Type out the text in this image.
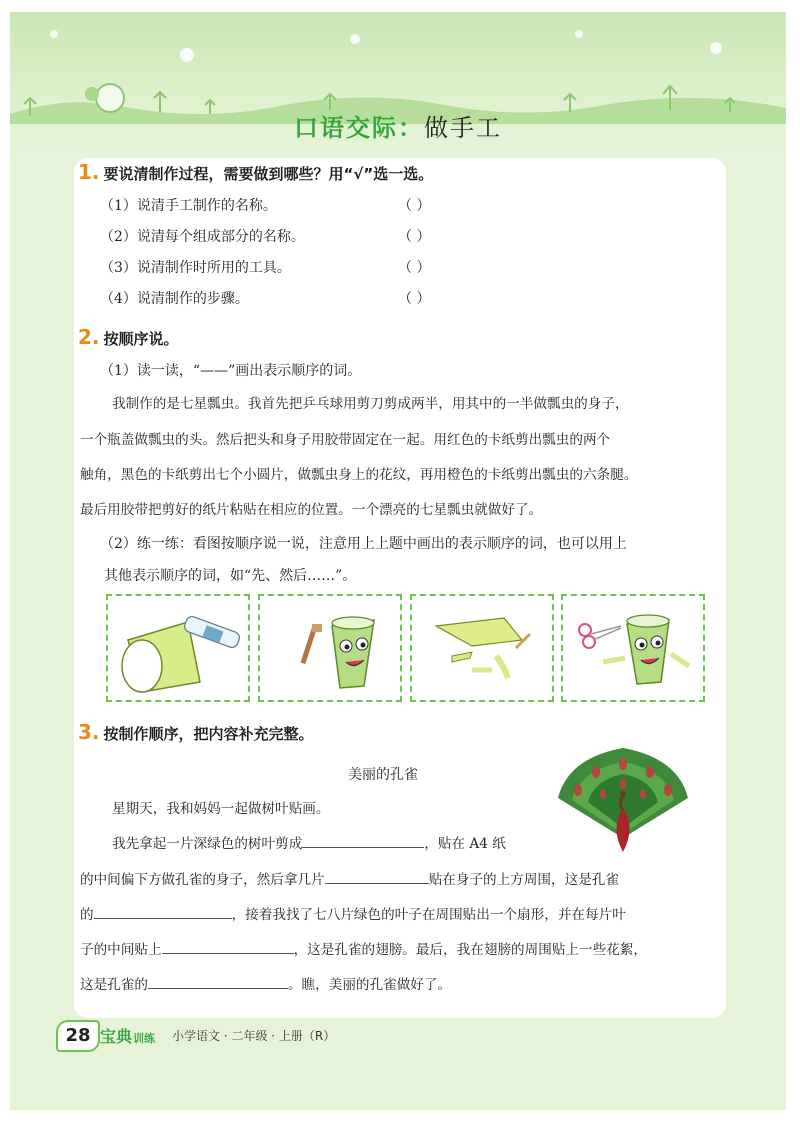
口语交际：做手工
1. 要说清制作过程，需要做到哪些？用“√”选一选。
（1）说清手工制作的名称。	（ ）
（2）说清每个组成部分的名称。	（ ）
（3）说清制作时所用的工具。	（ ）
（4）说清制作的步骤。	（ ）
2. 按顺序说。
（1）读一读，“——”画出表示顺序的词。
我制作的是七星瓢虫。我首先把乒乓球用剪刀剪成两半，用其中的一半做瓢虫的身子，
一个瓶盖做瓢虫的头。然后把头和身子用胶带固定在一起。用红色的卡纸剪出瓢虫的两个
触角，黑色的卡纸剪出七个小圆片，做瓢虫身上的花纹，再用橙色的卡纸剪出瓢虫的六条腿。
最后用胶带把剪好的纸片粘贴在相应的位置。一个漂亮的七星瓢虫就做好了。
（2）练一练：看图按顺序说一说，注意用上上题中画出的表示顺序的词，也可以用上
其他表示顺序的词，如“先、然后……”。
3. 按制作顺序，把内容补充完整。
美丽的孔雀
星期天，我和妈妈一起做树叶贴画。
我先拿起一片深绿色的树叶剪成	，贴在 A4 纸
的中间偏下方做孔雀的身子，然后拿几片	贴在身子的上方周围，这是孔雀
的	，接着我找了七八片绿色的叶子在周围贴出一个扇形，并在每片叶
子的中间贴上	，这是孔雀的翅膀。最后，我在翅膀的周围贴上一些花絮，
这是孔雀的	。瞧，美丽的孔雀做好了。
28 宝典训练 小学语文 · 二年级 · 上册（R）
